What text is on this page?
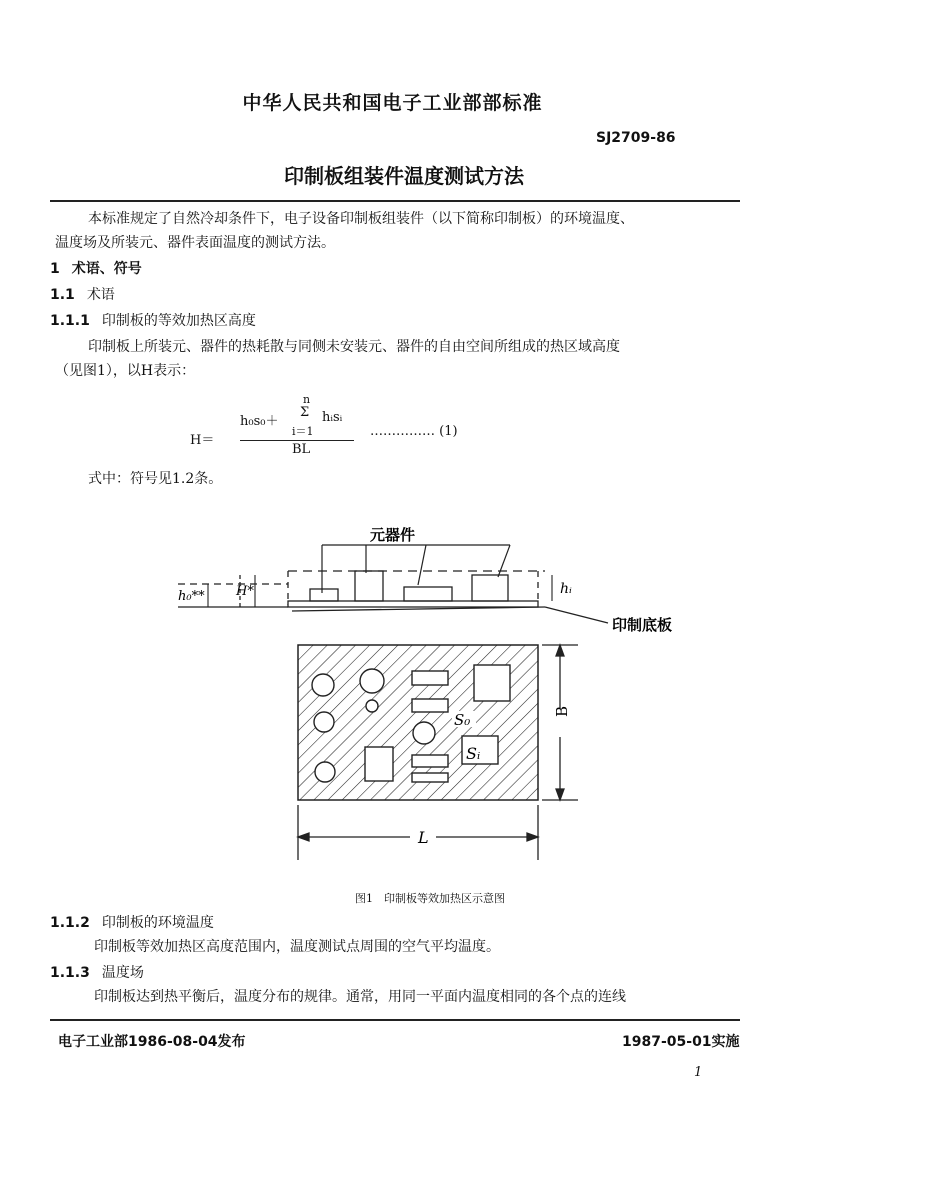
中华人民共和国电子工业部部标准
SJ2709-86
印制板组装件温度测试方法
本标准规定了自然冷却条件下，电子设备印制板组装件（以下简称印制板）的环境温度、
温度场及所装元、器件表面温度的测试方法。
1 术语、符号
1.1 术语
1.1.1 印制板的等效加热区高度
印制板上所装元、器件的热耗散与同侧未安装元、器件的自由空间所组成的热区域高度
（见图1），以H表示：
H＝
h₀s₀＋
n
Σ hᵢsᵢ
i＝1
BL
…………… (1)
式中：符号见1.2条。
元器件
h₀** H*	hᵢ
印制底板
S₀
Sᵢ
B
L
图1　印制板等效加热区示意图
1.1.2 印制板的环境温度
印制板等效加热区高度范围内，温度测试点周围的空气平均温度。
1.1.3 温度场
印制板达到热平衡后，温度分布的规律。通常，用同一平面内温度相同的各个点的连线
电子工业部1986-08-04发布	1987-05-01实施
1
